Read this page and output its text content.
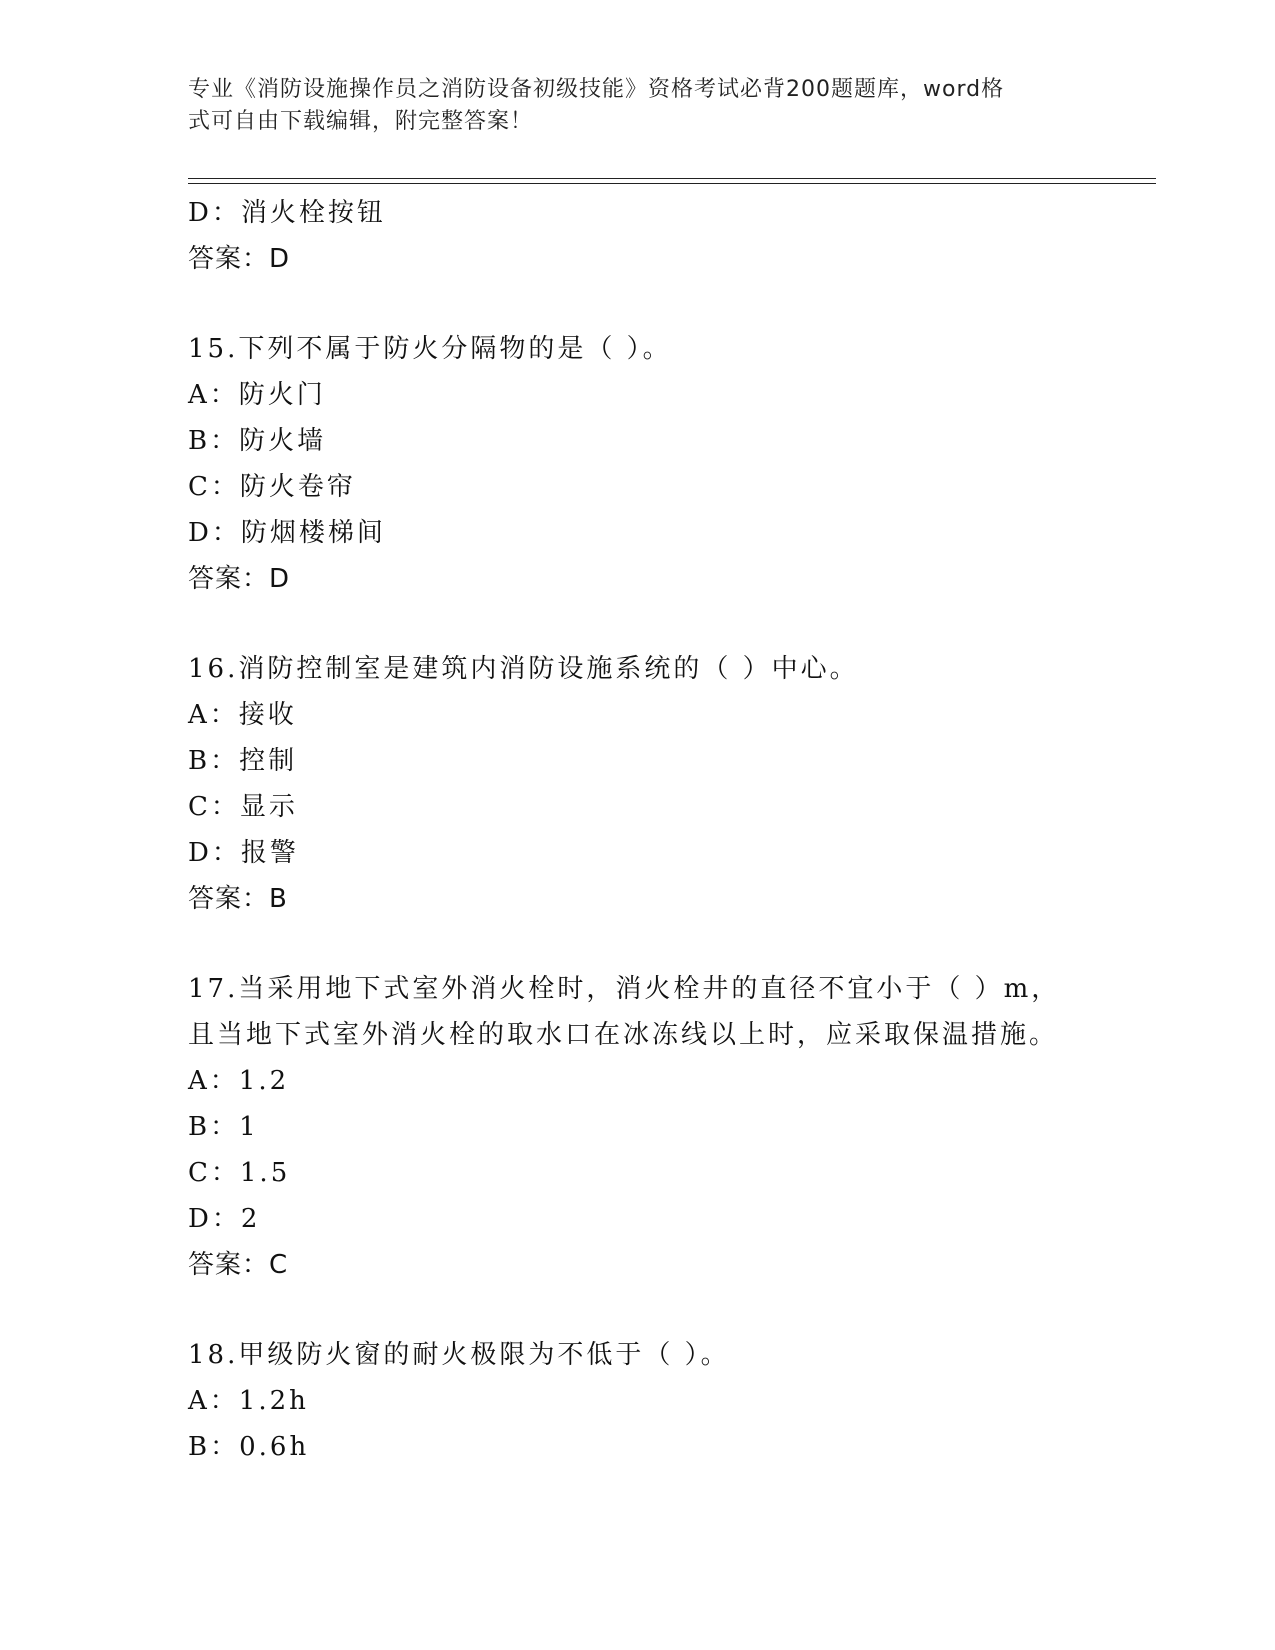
专业《消防设施操作员之消防设备初级技能》资格考试必背200题题库，word格
式可自由下载编辑，附完整答案！
D：消火栓按钮
答案：D
15.下列不属于防火分隔物的是（ ）。
A：防火门
B：防火墙
C：防火卷帘
D：防烟楼梯间
答案：D
16.消防控制室是建筑内消防设施系统的（ ）中心。
A：接收
B：控制
C：显示
D：报警
答案：B
17.当采用地下式室外消火栓时，消火栓井的直径不宜小于（ ）m，
且当地下式室外消火栓的取水口在冰冻线以上时，应采取保温措施。
A：1.2
B：1
C：1.5
D：2
答案：C
18.甲级防火窗的耐火极限为不低于（ ）。
A：1.2h
B：0.6h
